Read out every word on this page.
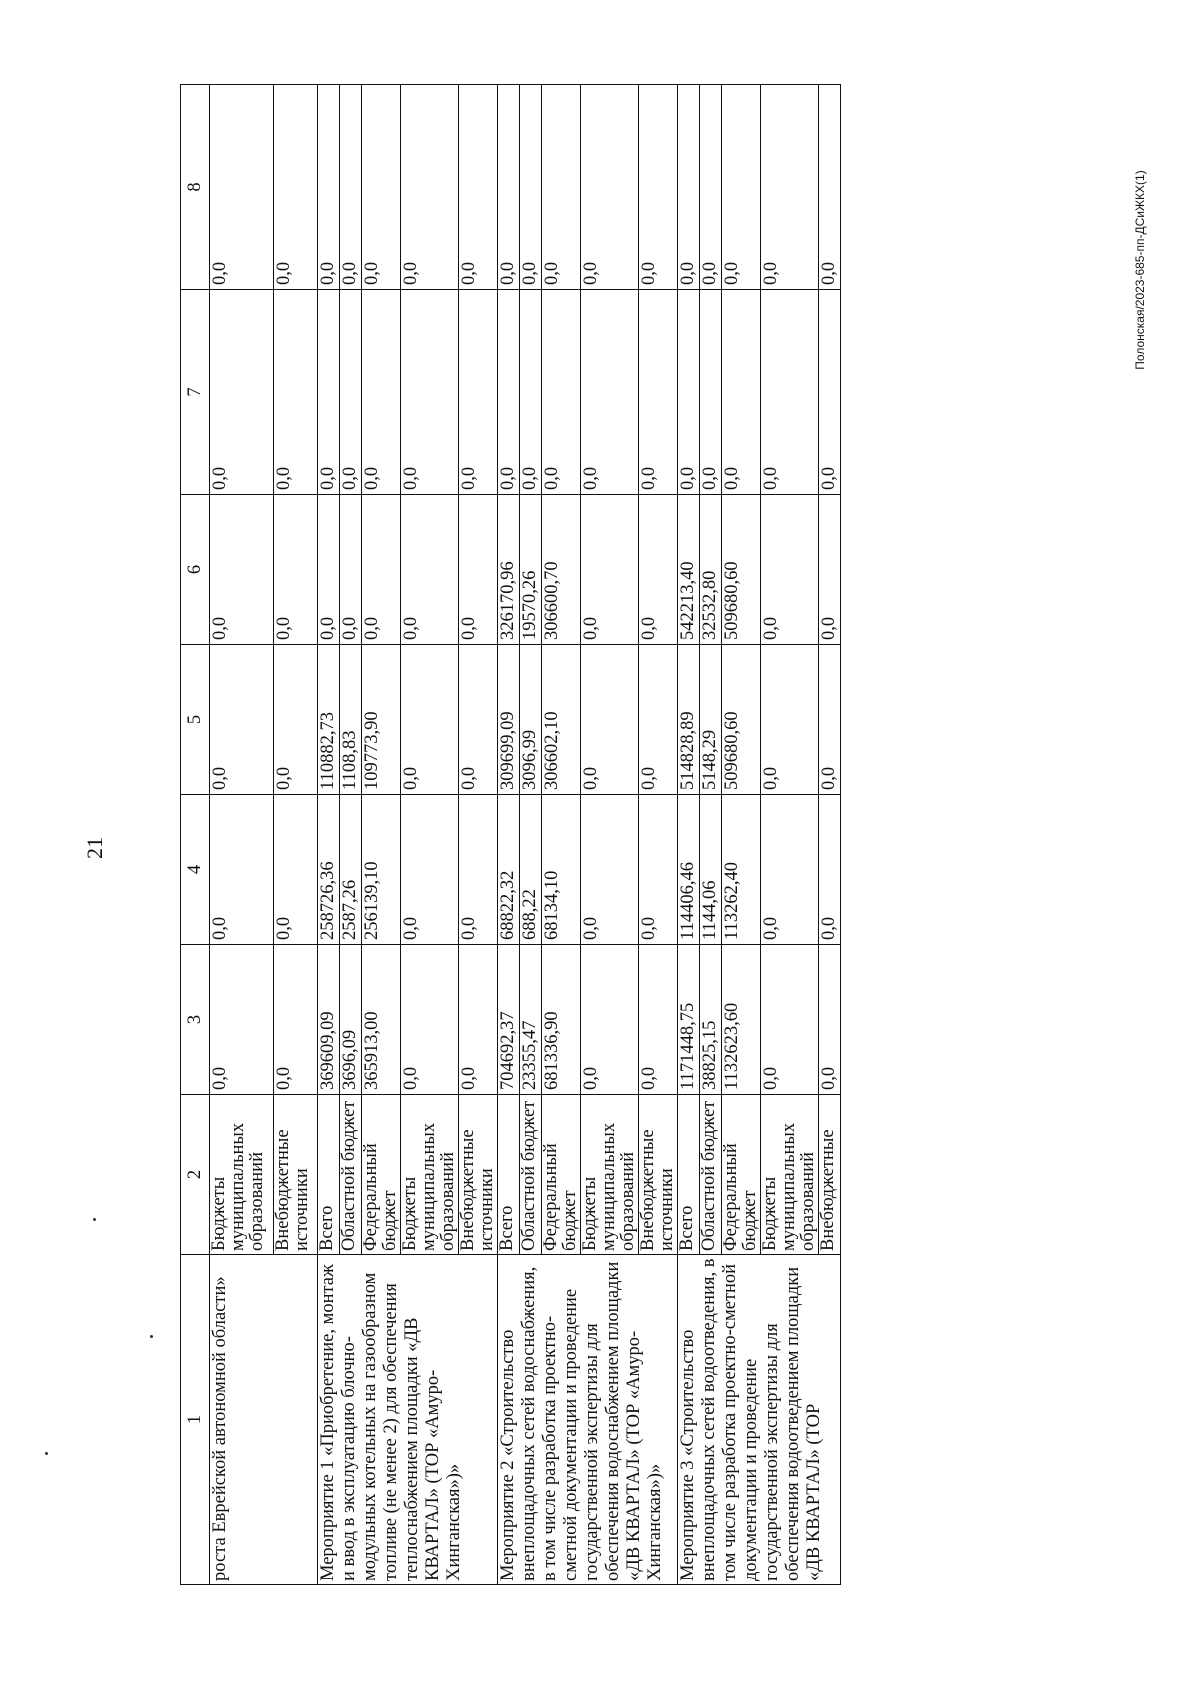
21
Полонская/2023-685-пп-ДСиЖКХ(1)
1	2	3	4	5	6	7	8
роста Еврейской автономной области»	Бюджеты муниципальных образований	0,0	0,0	0,0	0,0	0,0	0,0
	Внебюджетные источники	0,0	0,0	0,0	0,0	0,0	0,0
Мероприятие 1 «Приобретение, монтаж и ввод в эксплуатацию блочно-модульных котельных на газообразном топливе (не менее 2) для обеспечения теплоснабжением площадки «ДВ КВАРТАЛ» (ТОР «Амуро-Хинганская»)»	Всего	369609,09	258726,36	110882,73	0,0	0,0	0,0
	Областной бюджет	3696,09	2587,26	1108,83	0,0	0,0	0,0
	Федеральный бюджет	365913,00	256139,10	109773,90	0,0	0,0	0,0
	Бюджеты муниципальных образований	0,0	0,0	0,0	0,0	0,0	0,0
	Внебюджетные источники	0,0	0,0	0,0	0,0	0,0	0,0
Мероприятие 2 «Строительство внеплощадочных сетей водоснабжения, в том числе разработка проектно-сметной документации и проведение государственной экспертизы для обеспечения водоснабжением площадки «ДВ КВАРТАЛ» (ТОР «Амуро-Хинганская»)»	Всего	704692,37	68822,32	309699,09	326170,96	0,0	0,0
	Областной бюджет	23355,47	688,22	3096,99	19570,26	0,0	0,0
	Федеральный бюджет	681336,90	68134,10	306602,10	306600,70	0,0	0,0
	Бюджеты муниципальных образований	0,0	0,0	0,0	0,0	0,0	0,0
	Внебюджетные источники	0,0	0,0	0,0	0,0	0,0	0,0
Мероприятие 3 «Строительство внеплощадочных сетей водоотведения, в том числе разработка проектно-сметной документации и проведение государственной экспертизы для обеспечения водоотведением площадки «ДВ КВАРТАЛ» (ТОР	Всего	1171448,75	114406,46	514828,89	542213,40	0,0	0,0
	Областной бюджет	38825,15	1144,06	5148,29	32532,80	0,0	0,0
	Федеральный бюджет	1132623,60	113262,40	509680,60	509680,60	0,0	0,0
	Бюджеты муниципальных образований	0,0	0,0	0,0	0,0	0,0	0,0
	Внебюджетные	0,0	0,0	0,0	0,0	0,0	0,0
